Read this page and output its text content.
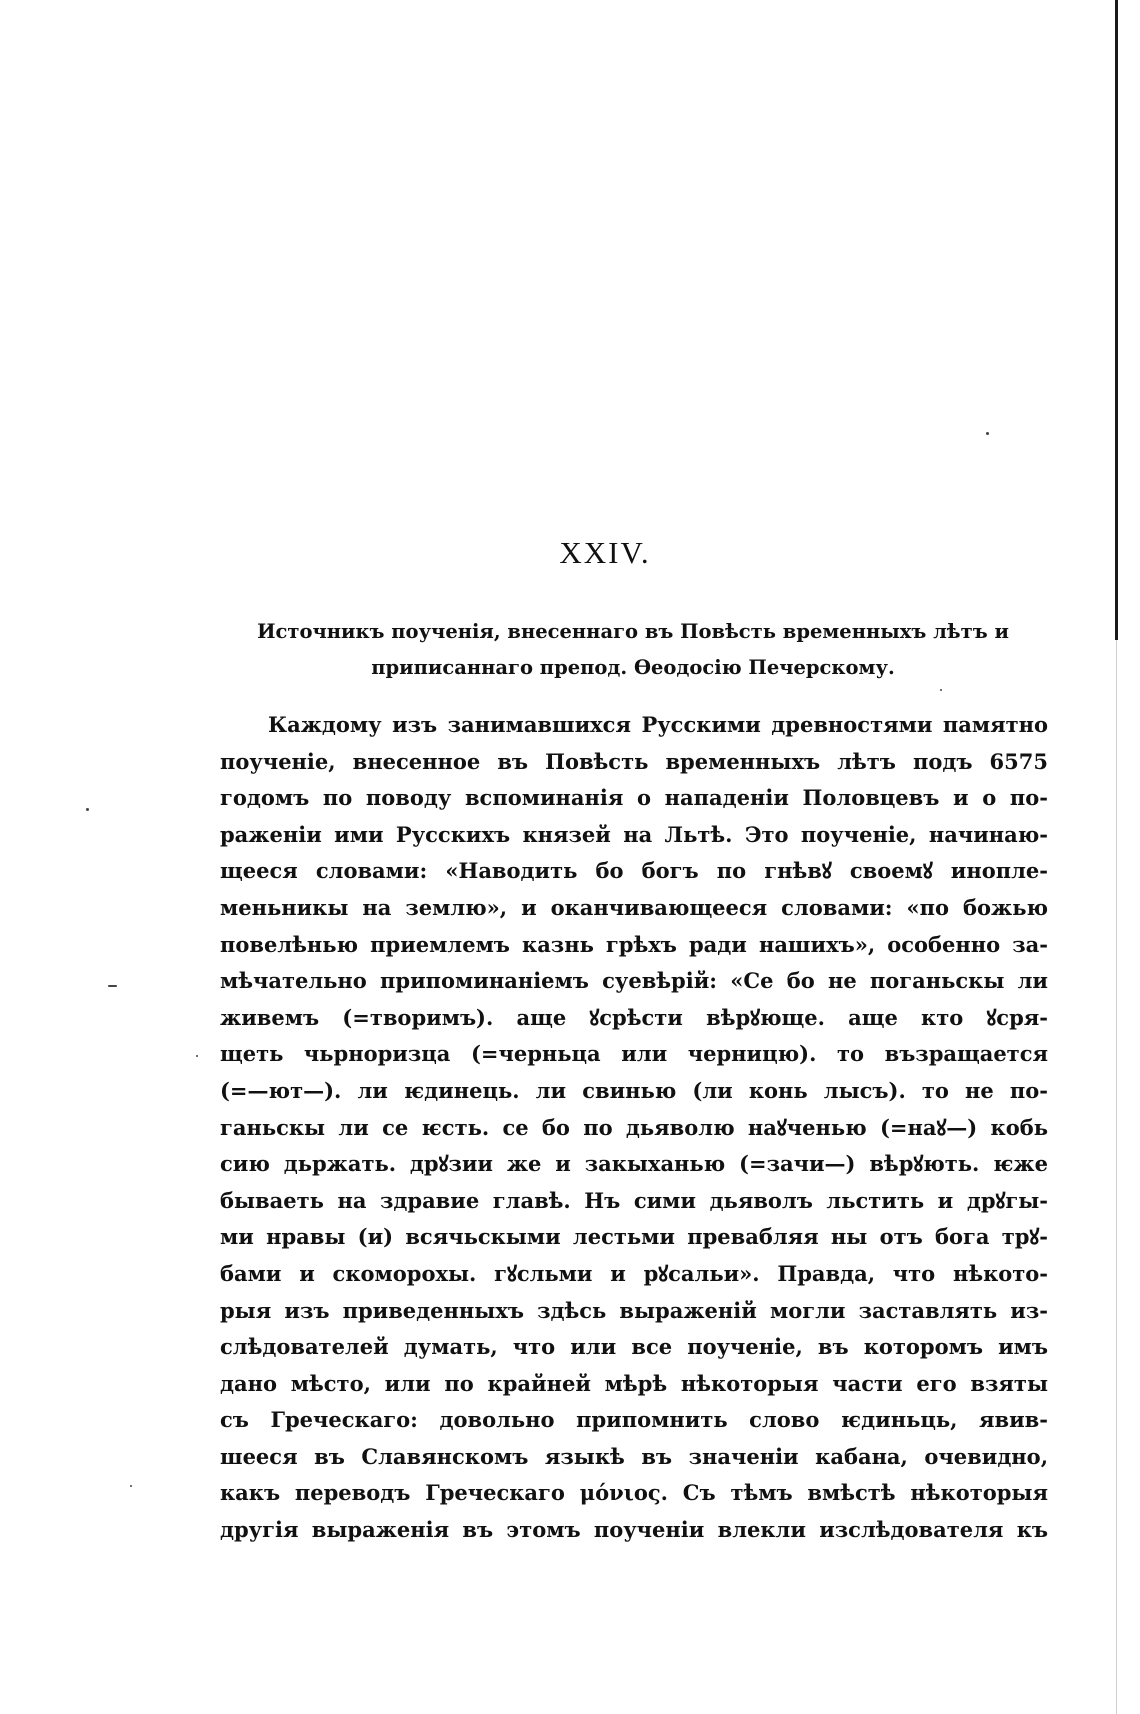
XXIV.

Источникъ поученія, внесеннаго въ Повѣсть временныхъ лѣтъ и приписаннаго препод. Ѳеодосію Печерскому.

Каждому изъ занимавшихся Русскими древностями памятно
поученіе, внесенное въ Повѣсть временныхъ лѣтъ подъ 6575
годомъ по поводу вспоминанія о нападеніи Половцевъ и о по-
раженіи ими Русскихъ князей на Льтѣ. Это поученіе, начинаю-
щееся словами: «Наводить бо богъ по гнѣвꙋ своемꙋ иноплe-
меньникы на землю», и оканчивающееся словами: «по божью
повелѣнью приемлемъ казнь грѣхъ ради нашихъ», особенно за-
мѣчательно припоминаніемъ суевѣрій: «Се бо не поганьскы ли
живемъ (=творимъ). аще ꙋсрѣсти вѣрꙋюще. аще кто ꙋсря-
щеть чьрноризца (=черньца или черницю). то възращается
(=—ют—). ли ѥдинець. ли свинью (ли конь лысъ). то не по-
ганьскы ли се ѥсть. се бо по дьяволю наꙋченью (=наꙋ—) кобь
сию дьржать. дрꙋзии же и закыханью (=зачи—) вѣрꙋють. ѥже
бываеть на здравие главѣ. Нъ сими дьяволъ льстить и дрꙋгы-
ми нравы (и) всячьскыми лестьми превабляя ны отъ бога трꙋ-
бами и скоморохы. гꙋсльми и рꙋсальи». Правда, что нѣкото-
рыя изъ приведенныхъ здѣсь выраженій могли заставлять из-
слѣдователей думать, что или все поученіе, въ которомъ имъ
дано мѣсто, или по крайней мѣрѣ нѣкоторыя части его взяты
съ Греческаго: довольно припомнить слово ѥдиньць, явив-
шееся въ Славянскомъ языкѣ въ значеніи кабана, очевидно,
какъ переводъ Греческаго μόνιος. Съ тѣмъ вмѣстѣ нѣкоторыя
другія выраженія въ этомъ поученіи влекли изслѣдователя къ
